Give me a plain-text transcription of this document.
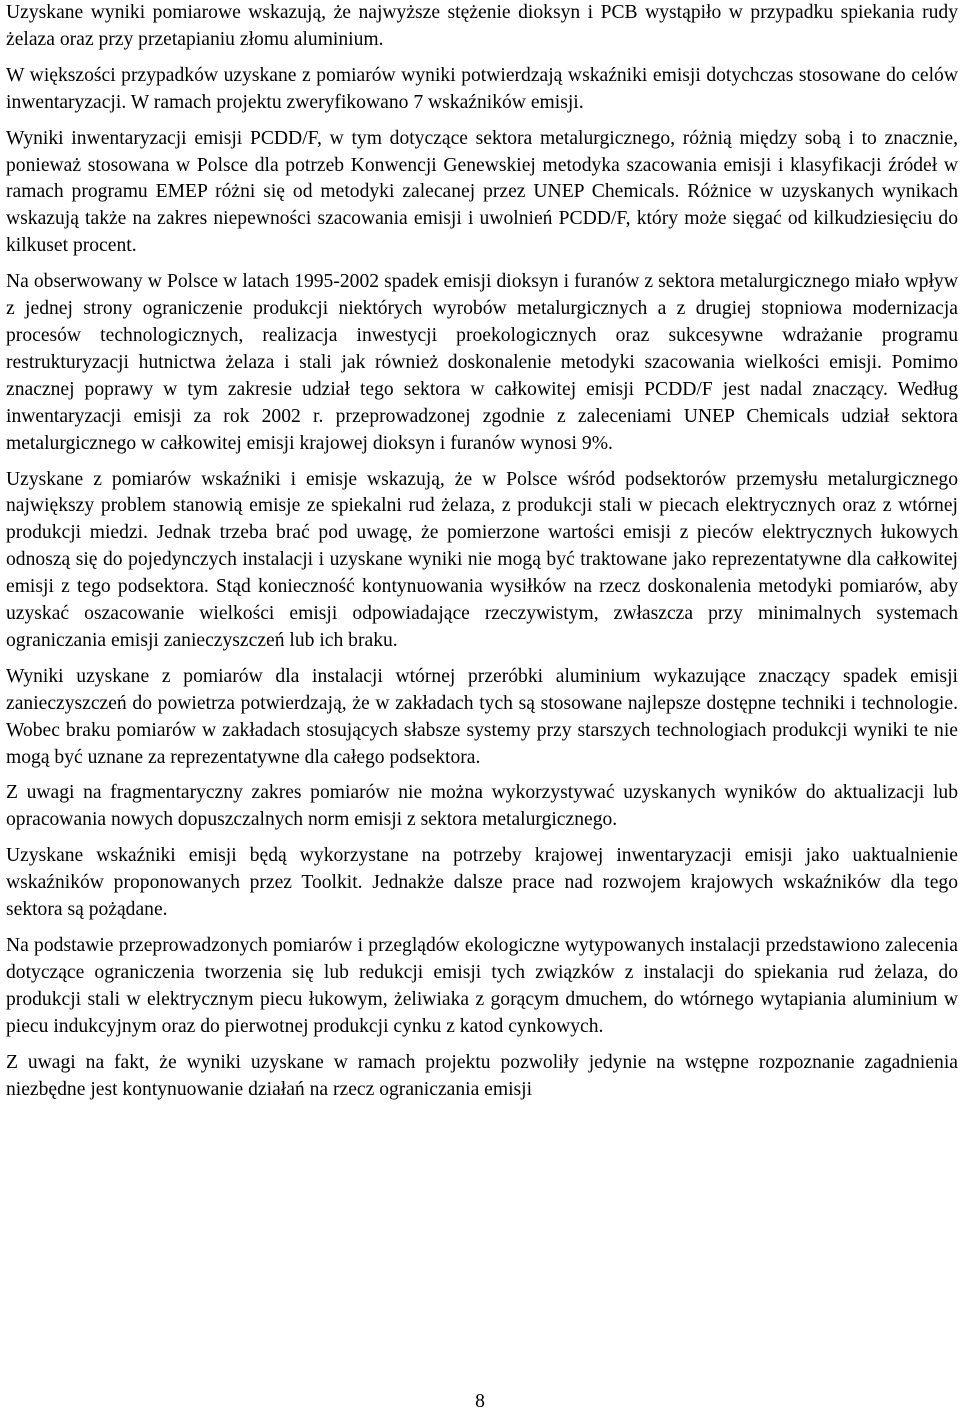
Uzyskane wyniki pomiarowe wskazują, że najwyższe stężenie dioksyn i PCB wystąpiło w przypadku spiekania rudy żelaza oraz przy przetapianiu złomu aluminium.

W większości przypadków uzyskane z pomiarów wyniki potwierdzają wskaźniki emisji dotychczas stosowane do celów inwentaryzacji. W ramach projektu zweryfikowano 7 wskaźników emisji.

Wyniki inwentaryzacji emisji PCDD/F, w tym dotyczące sektora metalurgicznego, różnią między sobą i to znacznie, ponieważ stosowana w Polsce dla potrzeb Konwencji Genewskiej metodyka szacowania emisji i klasyfikacji źródeł w ramach programu EMEP różni się od metodyki zalecanej przez UNEP Chemicals. Różnice w uzyskanych wynikach wskazują także na zakres niepewności szacowania emisji i uwolnień PCDD/F, który może sięgać od kilkudziesięciu do kilkuset procent.

Na obserwowany w Polsce w latach 1995-2002 spadek emisji dioksyn i furanów z sektora metalurgicznego miało wpływ z jednej strony ograniczenie produkcji niektórych wyrobów metalurgicznych a z drugiej stopniowa modernizacja procesów technologicznych, realizacja inwestycji proekologicznych oraz sukcesywne wdrażanie programu restrukturyzacji hutnictwa żelaza i stali jak również doskonalenie metodyki szacowania wielkości emisji. Pomimo znacznej poprawy w tym zakresie udział tego sektora w całkowitej emisji PCDD/F jest nadal znaczący. Według inwentaryzacji emisji za rok 2002 r. przeprowadzonej zgodnie z zaleceniami UNEP Chemicals udział sektora metalurgicznego w całkowitej emisji krajowej dioksyn i furanów wynosi 9%.

Uzyskane z pomiarów wskaźniki i emisje wskazują, że w Polsce wśród podsektorów przemysłu metalurgicznego największy problem stanowią emisje ze spiekalni rud żelaza, z produkcji stali w piecach elektrycznych oraz z wtórnej produkcji miedzi. Jednak trzeba brać pod uwagę, że pomierzone wartości emisji z pieców elektrycznych łukowych odnoszą się do pojedynczych instalacji i uzyskane wyniki nie mogą być traktowane jako reprezentatywne dla całkowitej emisji z tego podsektora. Stąd konieczność kontynuowania wysiłków na rzecz doskonalenia metodyki pomiarów, aby uzyskać oszacowanie wielkości emisji odpowiadające rzeczywistym, zwłaszcza przy minimalnych systemach ograniczania emisji zanieczyszczeń lub ich braku.

Wyniki uzyskane z pomiarów dla instalacji wtórnej przeróbki aluminium wykazujące znaczący spadek emisji zanieczyszczeń do powietrza potwierdzają, że w zakładach tych są stosowane najlepsze dostępne techniki i technologie. Wobec braku pomiarów w zakładach stosujących słabsze systemy przy starszych technologiach produkcji wyniki te nie mogą być uznane za reprezentatywne dla całego podsektora.

Z uwagi na fragmentaryczny zakres pomiarów nie można wykorzystywać uzyskanych wyników do aktualizacji lub opracowania nowych dopuszczalnych norm emisji z sektora metalurgicznego.

Uzyskane wskaźniki emisji będą wykorzystane na potrzeby krajowej inwentaryzacji emisji jako uaktualnienie wskaźników proponowanych przez Toolkit. Jednakże dalsze prace nad rozwojem krajowych wskaźników dla tego sektora są pożądane.

Na podstawie przeprowadzonych pomiarów i przeglądów ekologiczne wytypowanych instalacji przedstawiono zalecenia dotyczące ograniczenia tworzenia się lub redukcji emisji tych związków z instalacji do spiekania rud żelaza, do produkcji stali w elektrycznym piecu łukowym, żeliwiaka z gorącym dmuchem, do wtórnego wytapiania aluminium w piecu indukcyjnym oraz do pierwotnej produkcji cynku z katod cynkowych.

Z uwagi na fakt, że wyniki uzyskane w ramach projektu pozwoliły jedynie na wstępne rozpoznanie zagadnienia niezbędne jest kontynuowanie działań na rzecz ograniczania emisji

8
